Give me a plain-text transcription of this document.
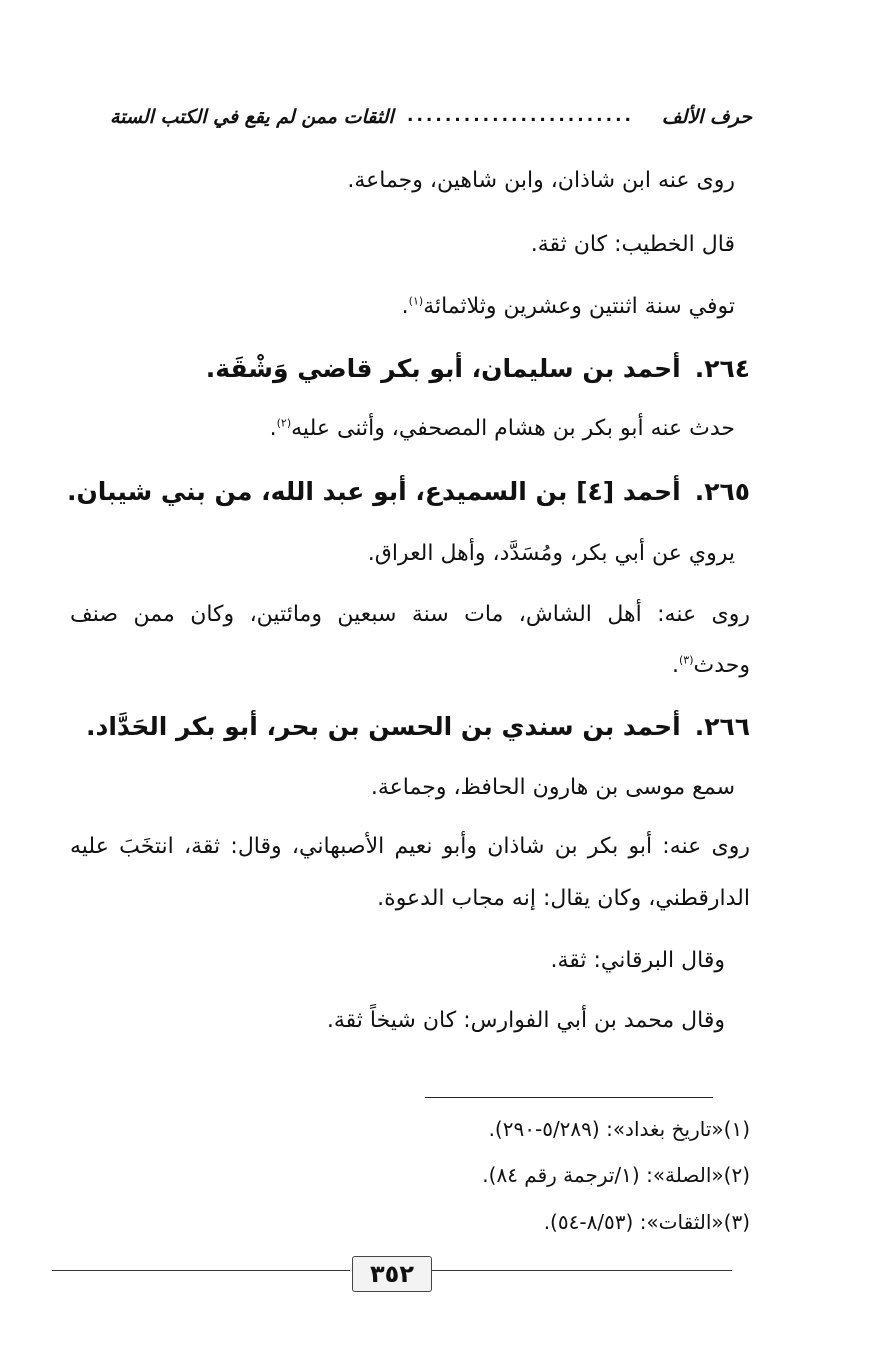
حرف الألف
........................
الثقات ممن لم يقع في الكتب الستة
روى عنه ابن شاذان، وابن شاهين، وجماعة.
قال الخطيب: كان ثقة.
توفي سنة اثنتين وعشرين وثلاثمائة$^{(١)}$.
٢٦٤.أحمد بن سليمان، أبو بكر قاضي وَشْقَة.
حدث عنه أبو بكر بن هشام المصحفي، وأثنى عليه$^{(٢)}$.
٢٦٥.أحمد [٤] بن السميدع، أبو عبد الله، من بني شيبان.
يروي عن أبي بكر، ومُسَدَّد، وأهل العراق.
روى عنه: أهل الشاش، مات سنة سبعين ومائتين، وكان ممن صنف
وحدث$^{(٣)}$.
٢٦٦.أحمد بن سندي بن الحسن بن بحر، أبو بكر الحَدَّاد.
سمع موسى بن هارون الحافظ، وجماعة.
روى عنه: أبو بكر بن شاذان وأبو نعيم الأصبهاني، وقال: ثقة، انتخَبَ عليه
الدارقطني، وكان يقال: إنه مجاب الدعوة.
وقال البرقاني: ثقة.
وقال محمد بن أبي الفوارس: كان شيخاً ثقة.
(١)«تاريخ بغداد»: (٥/٢٨٩-٢٩٠).
(٢)«الصلة»: (١/ترجمة رقم ٨٤).
(٣)«الثقات»: (٨/٥٣-٥٤).
٣٥٢
